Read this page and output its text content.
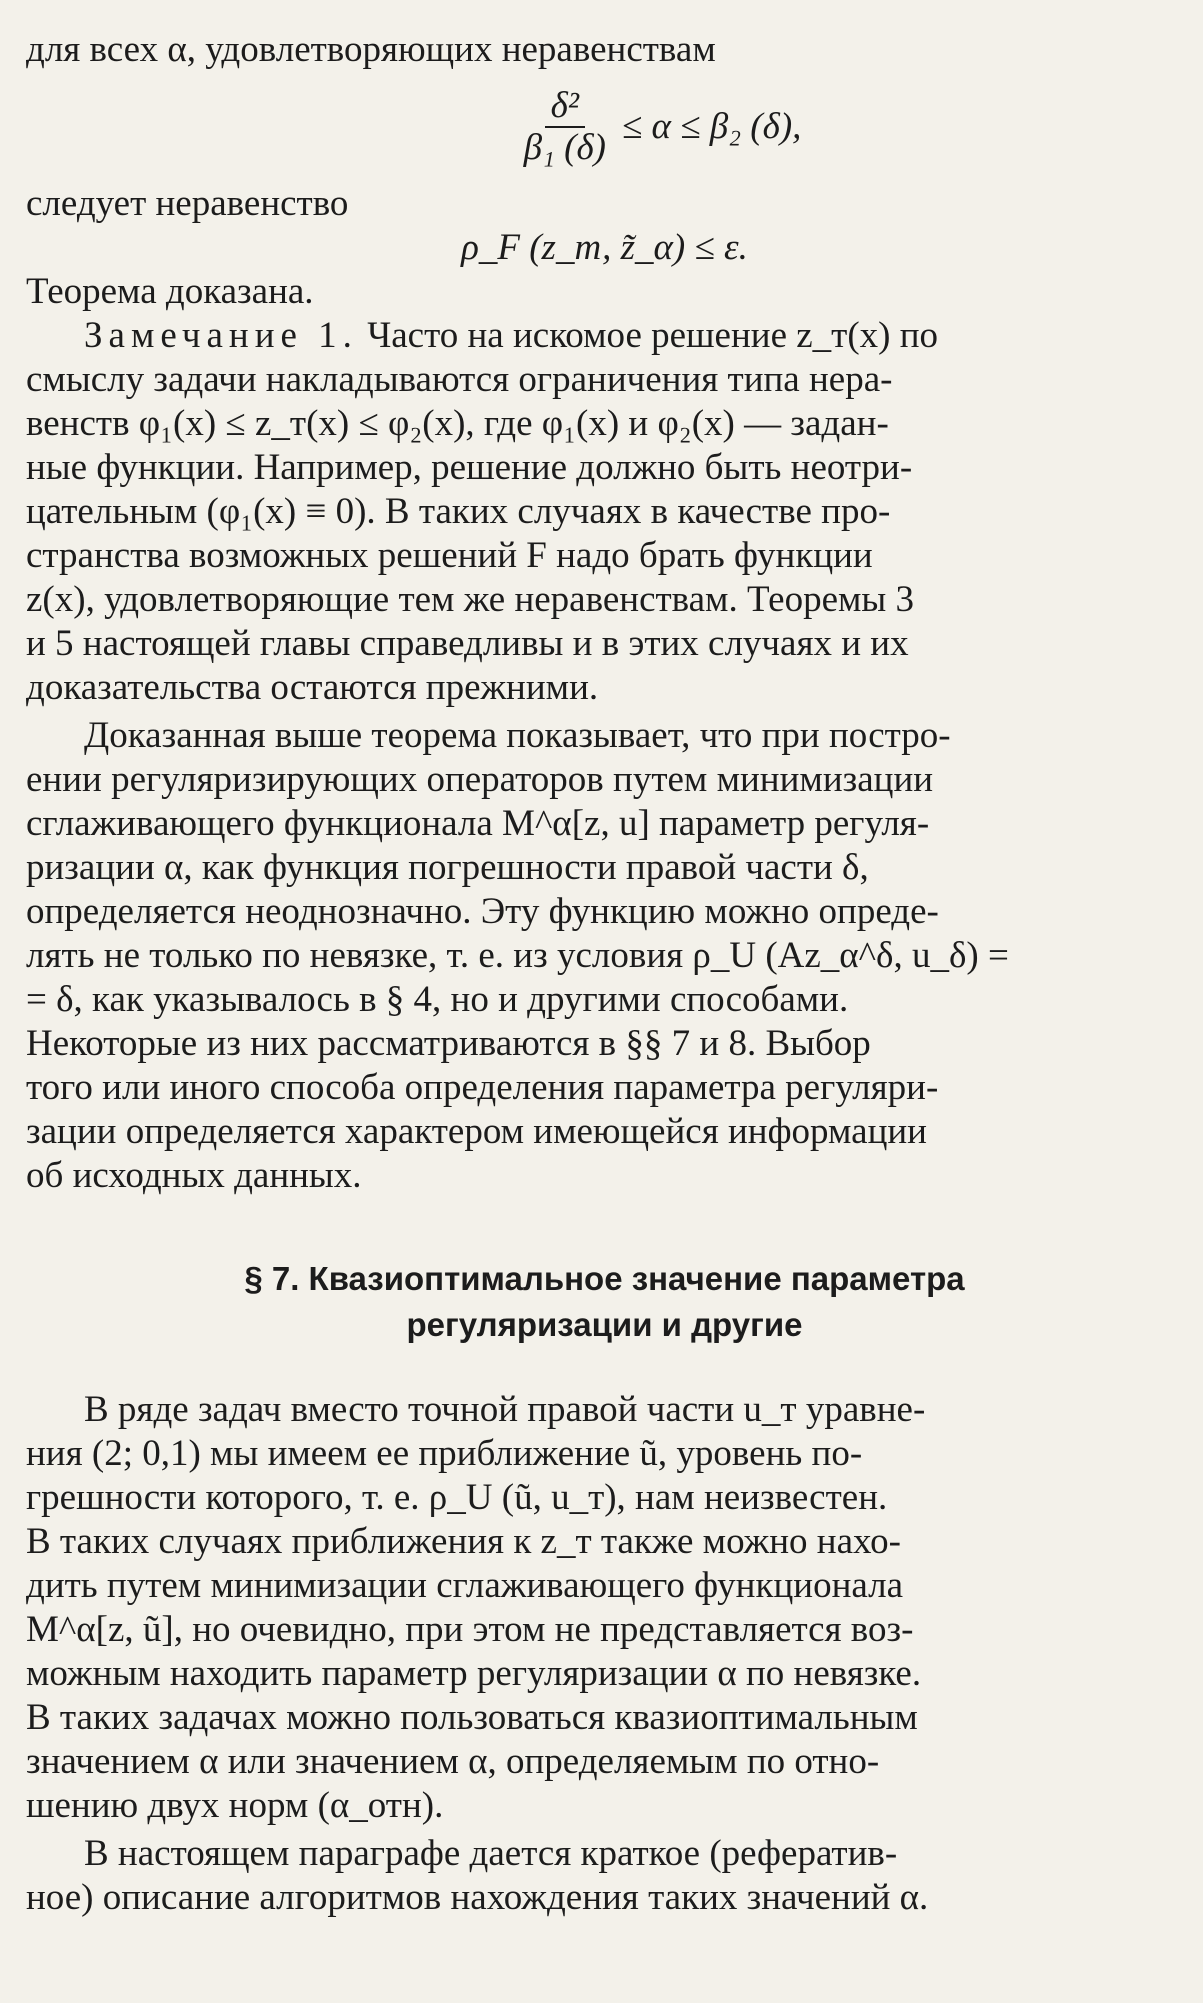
для всех α, удовлетворяющих неравенствам

$\frac{\text{δ²}}{\text{β₁ (δ)}} \le \alpha \le \beta_2$ (δ),

следует неравенство

ρ_F (z_т, z̃_α) ≤ ε.

Теорема доказана.

Замечание 1. Часто на искомое решение z_т(x) по

смыслу задачи накладываются ограничения типа нера-

венств φ₁(x) ≤ z_т(x) ≤ φ₂(x), где φ₁(x) и φ₂(x) — задан-

ные функции. Например, решение должно быть неотри-

цательным (φ₁(x) ≡ 0). В таких случаях в качестве про-

странства возможных решений F надо брать функции

z(x), удовлетворяющие тем же неравенствам. Теоремы 3

и 5 настоящей главы справедливы и в этих случаях и их

доказательства остаются прежними.

Доказанная выше теорема показывает, что при постро-

ении регуляризирующих операторов путем минимизации

сглаживающего функционала M^α[z, u] параметр регуля-

ризации α, как функция погрешности правой части δ,

определяется неоднозначно. Эту функцию можно опреде-

лять не только по невязке, т. е. из условия ρ_U (Az_α^δ, u_δ) =

= δ, как указывалось в § 4, но и другими способами.

Некоторые из них рассматриваются в §§ 7 и 8. Выбор

того или иного способа определения параметра регуляри-

зации определяется характером имеющейся информации

об исходных данных.

§ 7. Квазиоптимальное значение параметра
регуляризации и другие

В ряде задач вместо точной правой части u_т уравне-

ния (2; 0,1) мы имеем ее приближение ũ, уровень по-

грешности которого, т. е. ρ_U (ũ, u_т), нам неизвестен.

В таких случаях приближения к z_т также можно нахо-

дить путем минимизации сглаживающего функционала

M^α[z, ũ], но очевидно, при этом не представляется воз-

можным находить параметр регуляризации α по невязке.

В таких задачах можно пользоваться квазиоптимальным

значением α или значением α, определяемым по отно-

шению двух норм (α_отн).

В настоящем параграфе дается краткое (рефератив-

ное) описание алгоритмов нахождения таких значений α.
